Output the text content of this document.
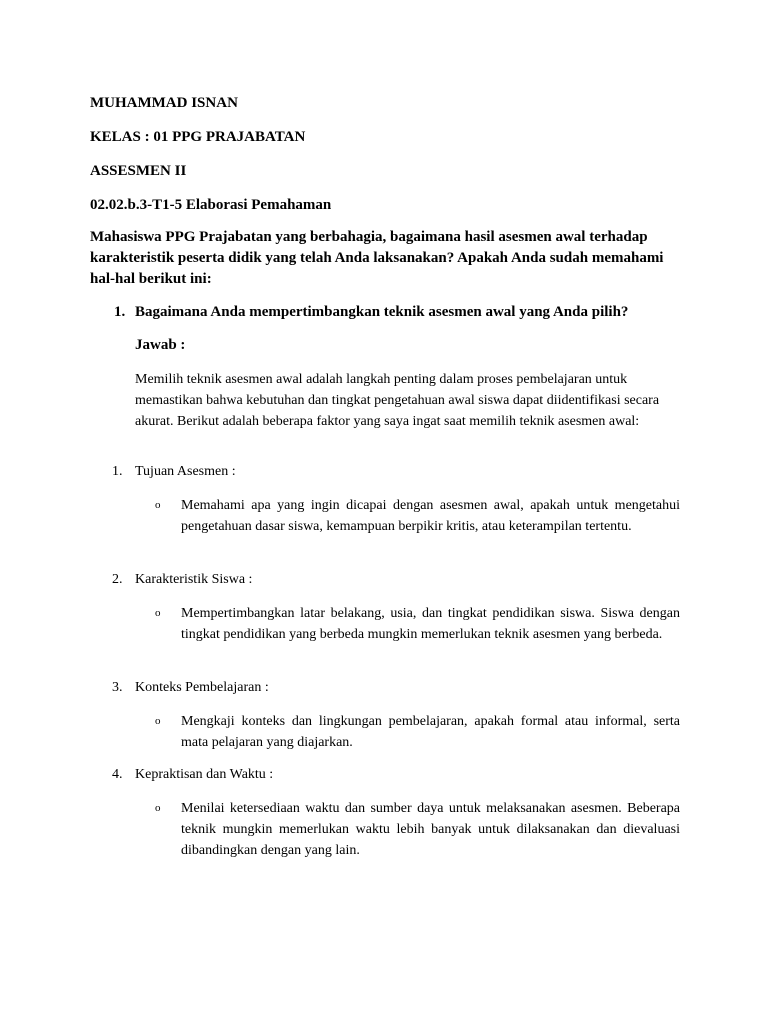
MUHAMMAD ISNAN
KELAS : 01 PPG PRAJABATAN
ASSESMEN II
02.02.b.3-T1-5 Elaborasi Pemahaman
Mahasiswa PPG Prajabatan yang berbahagia, bagaimana hasil asesmen awal terhadap karakteristik peserta didik yang telah Anda laksanakan? Apakah Anda sudah memahami hal-hal berikut ini:
1. Bagaimana Anda mempertimbangkan teknik asesmen awal yang Anda pilih?
Jawab :
Memilih teknik asesmen awal adalah langkah penting dalam proses pembelajaran untuk memastikan bahwa kebutuhan dan tingkat pengetahuan awal siswa dapat diidentifikasi secara akurat. Berikut adalah beberapa faktor yang saya ingat saat memilih teknik asesmen awal:
1. Tujuan Asesmen :
o Memahami apa yang ingin dicapai dengan asesmen awal, apakah untuk mengetahui pengetahuan dasar siswa, kemampuan berpikir kritis, atau keterampilan tertentu.
2. Karakteristik Siswa :
o Mempertimbangkan latar belakang, usia, dan tingkat pendidikan siswa. Siswa dengan tingkat pendidikan yang berbeda mungkin memerlukan teknik asesmen yang berbeda.
3. Konteks Pembelajaran :
o Mengkaji konteks dan lingkungan pembelajaran, apakah formal atau informal, serta mata pelajaran yang diajarkan.
4. Kepraktisan dan Waktu :
o Menilai ketersediaan waktu dan sumber daya untuk melaksanakan asesmen. Beberapa teknik mungkin memerlukan waktu lebih banyak untuk dilaksanakan dan dievaluasi dibandingkan dengan yang lain.
